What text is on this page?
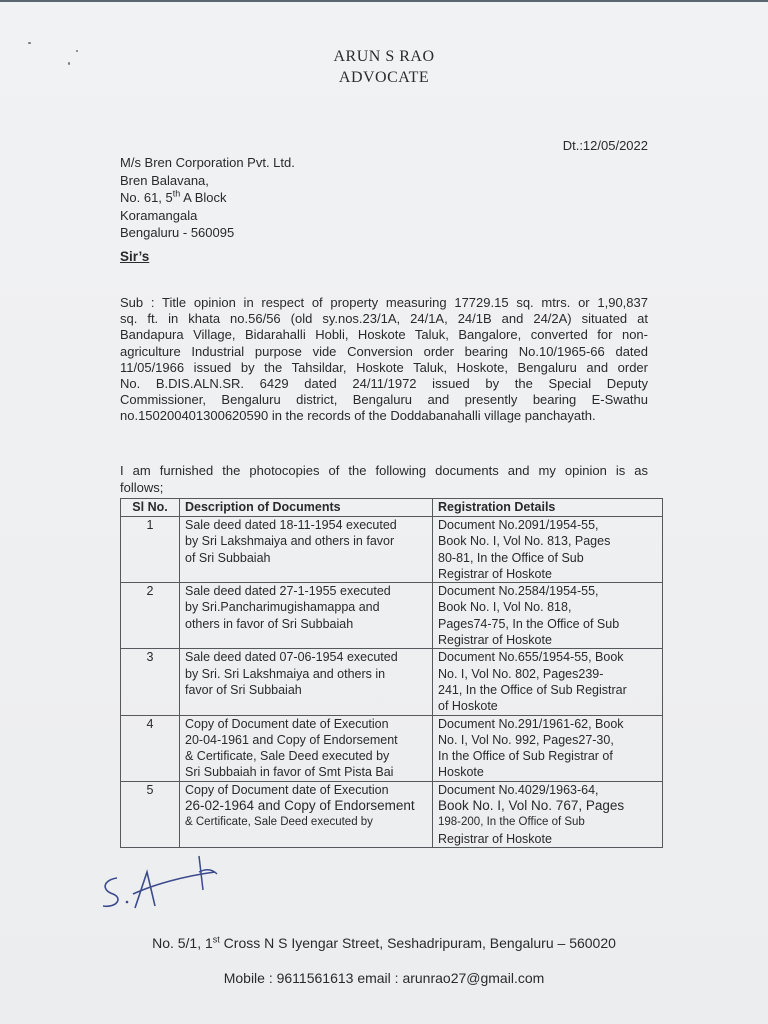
ARUN S RAO
ADVOCATE
Dt.:12/05/2022
M/s Bren Corporation Pvt. Ltd.
Bren Balavana,
No. 61, 5th A Block
Koramangala
Bengaluru - 560095
Sir’s
Sub : Title opinion in respect of property measuring 17729.15 sq. mtrs. or 1,90,837
sq. ft. in khata no.56/56 (old sy.nos.23/1A, 24/1A, 24/1B and 24/2A) situated at
Bandapura Village, Bidarahalli Hobli, Hoskote Taluk, Bangalore, converted for non-
agriculture Industrial purpose vide Conversion order bearing No.10/1965-66 dated
11/05/1966 issued by the Tahsildar, Hoskote Taluk, Hoskote, Bengaluru and order
No. B.DIS.ALN.SR. 6429 dated 24/11/1972 issued by the Special Deputy
Commissioner, Bengaluru district, Bengaluru and presently bearing E-Swathu
no.150200401300620590 in the records of the Doddabanahalli village panchayath.
I am furnished the photocopies of the following documents and my opinion is as
follows;
Sl No.	Description of Documents	Registration Details
1	Sale deed dated 18-11-1954 executed
by Sri Lakshmaiya and others in favor
of Sri Subbaiah	Document No.2091/1954-55,
Book No. I, Vol No. 813, Pages
80-81, In the Office of Sub
Registrar of Hoskote

2	Sale deed dated 27-1-1955 executed
by Sri.Pancharimugishamappa and
others in favor of Sri Subbaiah	Document No.2584/1954-55,
Book No. I, Vol No. 818,
Pages74-75, In the Office of Sub
Registrar of Hoskote

3	Sale deed dated 07-06-1954 executed
by Sri. Sri Lakshmaiya and others in
favor of Sri Subbaiah	Document No.655/1954-55, Book
No. I, Vol No. 802, Pages239-
241, In the Office of Sub Registrar
of Hoskote

4	Copy of Document date of Execution
20-04-1961 and Copy of Endorsement
& Certificate, Sale Deed executed by
Sri Subbaiah in favor of Smt Pista Bai	Document No.291/1961-62, Book
No. I, Vol No. 992, Pages27-30,
In the Office of Sub Registrar of
Hoskote

5	Copy of Document date of Execution
26-02-1964 and Copy of Endorsement
& Certificate, Sale Deed executed by	Document No.4029/1963-64,
Book No. I, Vol No. 767, Pages
198-200, In the Office of Sub
Registrar of Hoskote
No. 5/1, 1st Cross N S Iyengar Street, Seshadripuram, Bengaluru – 560020
Mobile : 9611561613 email : arunrao27@gmail.com
